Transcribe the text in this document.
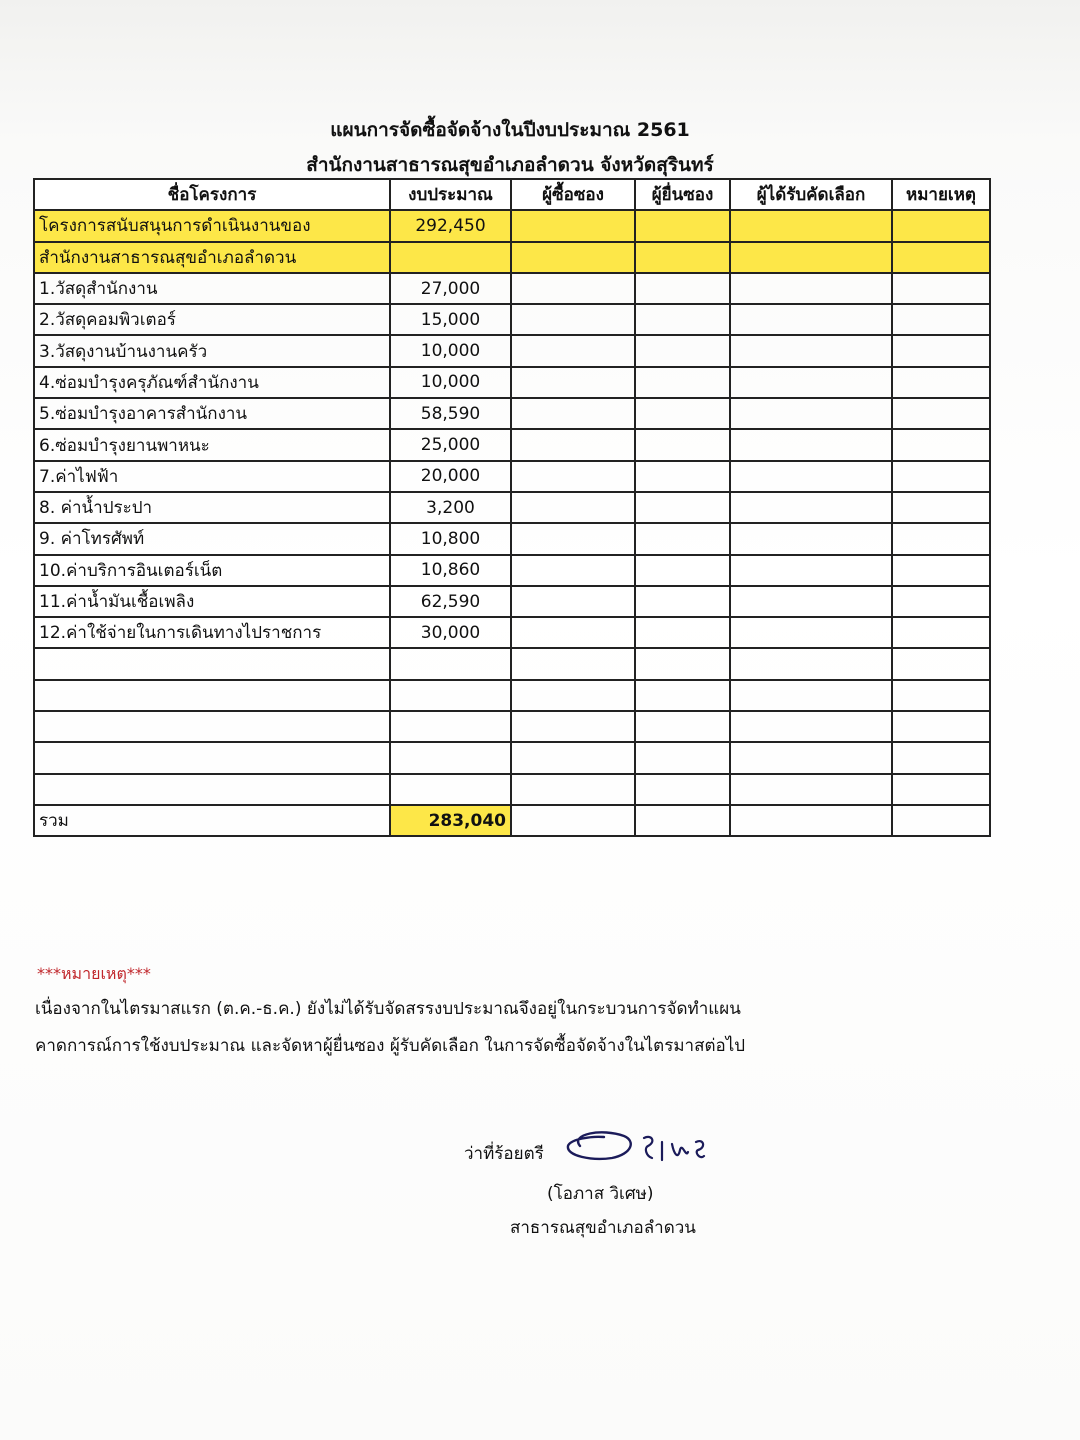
แผนการจัดซื้อจัดจ้างในปีงบประมาณ 2561
สำนักงานสาธารณสุขอำเภอลำดวน จังหวัดสุรินทร์
ชื่อโครงการ	งบประมาณ	ผู้ซื้อซอง	ผู้ยื่นซอง	ผู้ได้รับคัดเลือก	หมายเหตุ
โครงการสนับสนุนการดำเนินงานของ	292,450				
สำนักงานสาธารณสุขอำเภอลำดวน					
1.วัสดุสำนักงาน	27,000				
2.วัสดุคอมพิวเตอร์	15,000				
3.วัสดุงานบ้านงานครัว	10,000				
4.ซ่อมบำรุงครุภัณฑ์สำนักงาน	10,000				
5.ซ่อมบำรุงอาคารสำนักงาน	58,590				
6.ซ่อมบำรุงยานพาหนะ	25,000				
7.ค่าไฟฟ้า	20,000				
8. ค่าน้ำประปา	3,200				
9. ค่าโทรศัพท์	10,800				
10.ค่าบริการอินเตอร์เน็ต	10,860				
11.ค่าน้ำมันเชื้อเพลิง	62,590				
12.ค่าใช้จ่ายในการเดินทางไปราชการ	30,000				

รวม	283,040				
***หมายเหตุ***
เนื่องจากในไตรมาสแรก (ต.ค.-ธ.ค.) ยังไม่ได้รับจัดสรรงบประมาณจึงอยู่ในกระบวนการจัดทำแผน
คาดการณ์การใช้งบประมาณ และจัดหาผู้ยื่นซอง ผู้รับคัดเลือก ในการจัดซื้อจัดจ้างในไตรมาสต่อไป
ว่าที่ร้อยตรี
(โอภาส วิเศษ)
สาธารณสุขอำเภอลำดวน
